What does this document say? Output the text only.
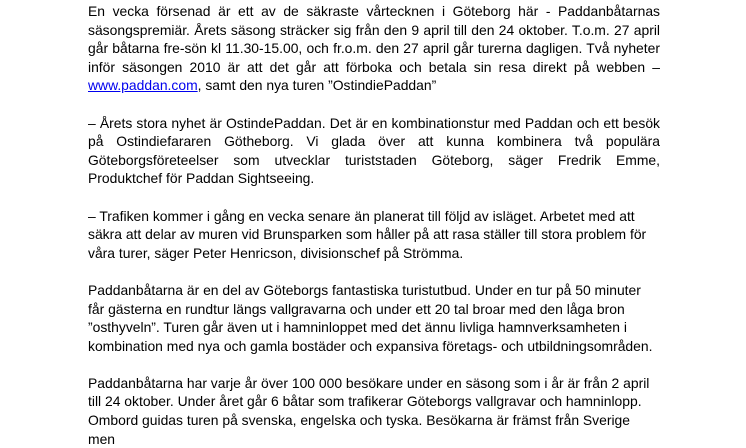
En vecka försenad är ett av de säkraste vårtecknen i Göteborg här - Paddanbåtarnas säsongspremiär. Årets säsong sträcker sig från den 9 april till den 24 oktober. T.o.m. 27 april går båtarna fre-sön kl 11.30-15.00, och fr.o.m. den 27 april går turerna dagligen. Två nyheter inför säsongen 2010 är att det går att förboka och betala sin resa direkt på webben – www.paddan.com, samt den nya turen ”OstindiePaddan”

– Årets stora nyhet är OstindePaddan. Det är en kombinationstur med Paddan och ett besök på Ostindiefararen Götheborg. Vi glada över att kunna kombinera två populära Göteborgsföreteelser som utvecklar turiststaden Göteborg, säger Fredrik Emme, Produktchef för Paddan Sightseeing.

– Trafiken kommer i gång en vecka senare än planerat till följd av isläget. Arbetet med att säkra att delar av muren vid Brunsparken som håller på att rasa ställer till stora problem för våra turer, säger Peter Henricson, divisionschef på Strömma.

Paddanbåtarna är en del av Göteborgs fantastiska turistutbud. Under en tur på 50 minuter får gästerna en rundtur längs vallgravarna och under ett 20 tal broar med den låga bron ”osthyveln”. Turen går även ut i hamninloppet med det ännu livliga hamnverksamheten i kombination med nya och gamla bostäder och expansiva företags- och utbildningsområden.

Paddanbåtarna har varje år över 100 000 besökare under en säsong som i år är från 2 april till 24 oktober. Under året går 6 båtar som trafikerar Göteborgs vallgravar och hamninlopp. Ombord guidas turen på svenska, engelska och tyska. Besökarna är främst från Sverige men
